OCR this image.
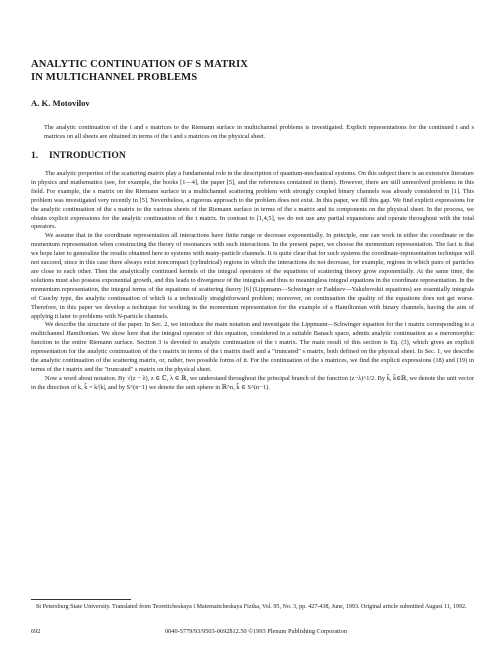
ANALYTIC CONTINUATION OF S MATRIX
IN MULTICHANNEL PROBLEMS
A. K. Motovilov
The analytic continuation of the t and s matrices to the Riemann surface in multichannel problems is investigated. Explicit representations for the continued t and s matrices on all sheets are obtained in terms of the t and s matrices on the physical sheet.
1. INTRODUCTION

The analytic properties of the scattering matrix play a fundamental role in the description of quantum-mechanical systems. On this subject there is an extensive literature in physics and mathematics (see, for example, the books [1—4], the paper [5], and the references contained in them). However, there are still unresolved problems in this field. For example, the s matrix on the Riemann surface in a multichannel scattering problem with strongly coupled binary channels was already considered in [1]. This problem was investigated very recently in [5]. Nevertheless, a rigorous approach to the problem does not exist. In this paper, we fill this gap. We find explicit expressions for the analytic continuation of the s matrix to the various sheets of the Riemann surface in terms of the s matrix and its components on the physical sheet. In the process, we obtain explicit expressions for the analytic continuation of the t matrix. In contrast to [1,4,5], we do not use any partial expansions and operate throughout with the total operators.

We assume that in the coordinate representation all interactions have finite range or decrease exponentially. In principle, one can work in either the coordinate or the momentum representation when constructing the theory of resonances with such interactions. In the present paper, we choose the momentum representation. The fact is that we hope later to generalize the results obtained here to systems with many-particle channels. It is quite clear that for such systems the coordinate-representation technique will not succeed, since in this case there always exist noncompact (cylindrical) regions in which the interactions do not decrease, for example, regions in which pairs of particles are close to each other. Then the analytically continued kernels of the integral operators of the equations of scattering theory grow exponentially. At the same time, the solutions must also possess exponential growth, and this leads to divergence of the integrals and thus to meaningless integral equations in the coordinate representation. In the momentum representation, the integral terms of the equations of scattering theory [6] (Lippmann—Schwinger or Faddeev—Yakubovskii equations) are essentially integrals of Cauchy type, the analytic continuation of which is a technically straightforward problem; moreover, on continuation the quality of the equations does not get worse. Therefore, in this paper we develop a technique for working in the momentum representation for the example of a Hamiltonian with binary channels, having the aim of applying it later to problems with N-particle channels.

We describe the structure of the paper. In Sec. 2, we introduce the main notation and investigate the Lippmann—Schwinger equation for the t matrix corresponding to a multichannel Hamiltonian. We show here that the integral operator of this equation, considered in a suitable Banach space, admits analytic continuation as a meromorphic function to the entire Riemann surface. Section 3 is devoted to analytic continuation of the t matrix. The main result of this section is Eq. (3), which gives an explicit representation for the analytic continuation of the t matrix in terms of the t matrix itself and a "truncated" s matrix, both defined on the physical sheet. In Sec. 1, we describe the analytic continuation of the scattering matrix, or, rather, two possible forms of it. For the continuation of the s matrices, we find the explicit expressions (18) and (19) in terms of the t matrix and the "truncated" s matrix on the physical sheet.

Now a word about notation. By √(z − λ), z ∈ ℂ, λ ∈ ℝ, we understand throughout the principal branch of the function (z−λ)^1/2. By k̂, k̂∈ℝ, we denote the unit vector in the direction of k, k̂ = k/|k|, and by S^(n−1) we denote the unit sphere in ℝ^n, k̂ ∈ S^(n−1).

St Petersburg State University. Translated from Teoreticheskaya i Matematicheskaya Fizika, Vol. 95, No. 3, pp. 427-438, June, 1993. Original article submitted August 11, 1992.
692	0040-5779/93/9503-0692$12.50 ©1993 Plenum Publishing Corporation
